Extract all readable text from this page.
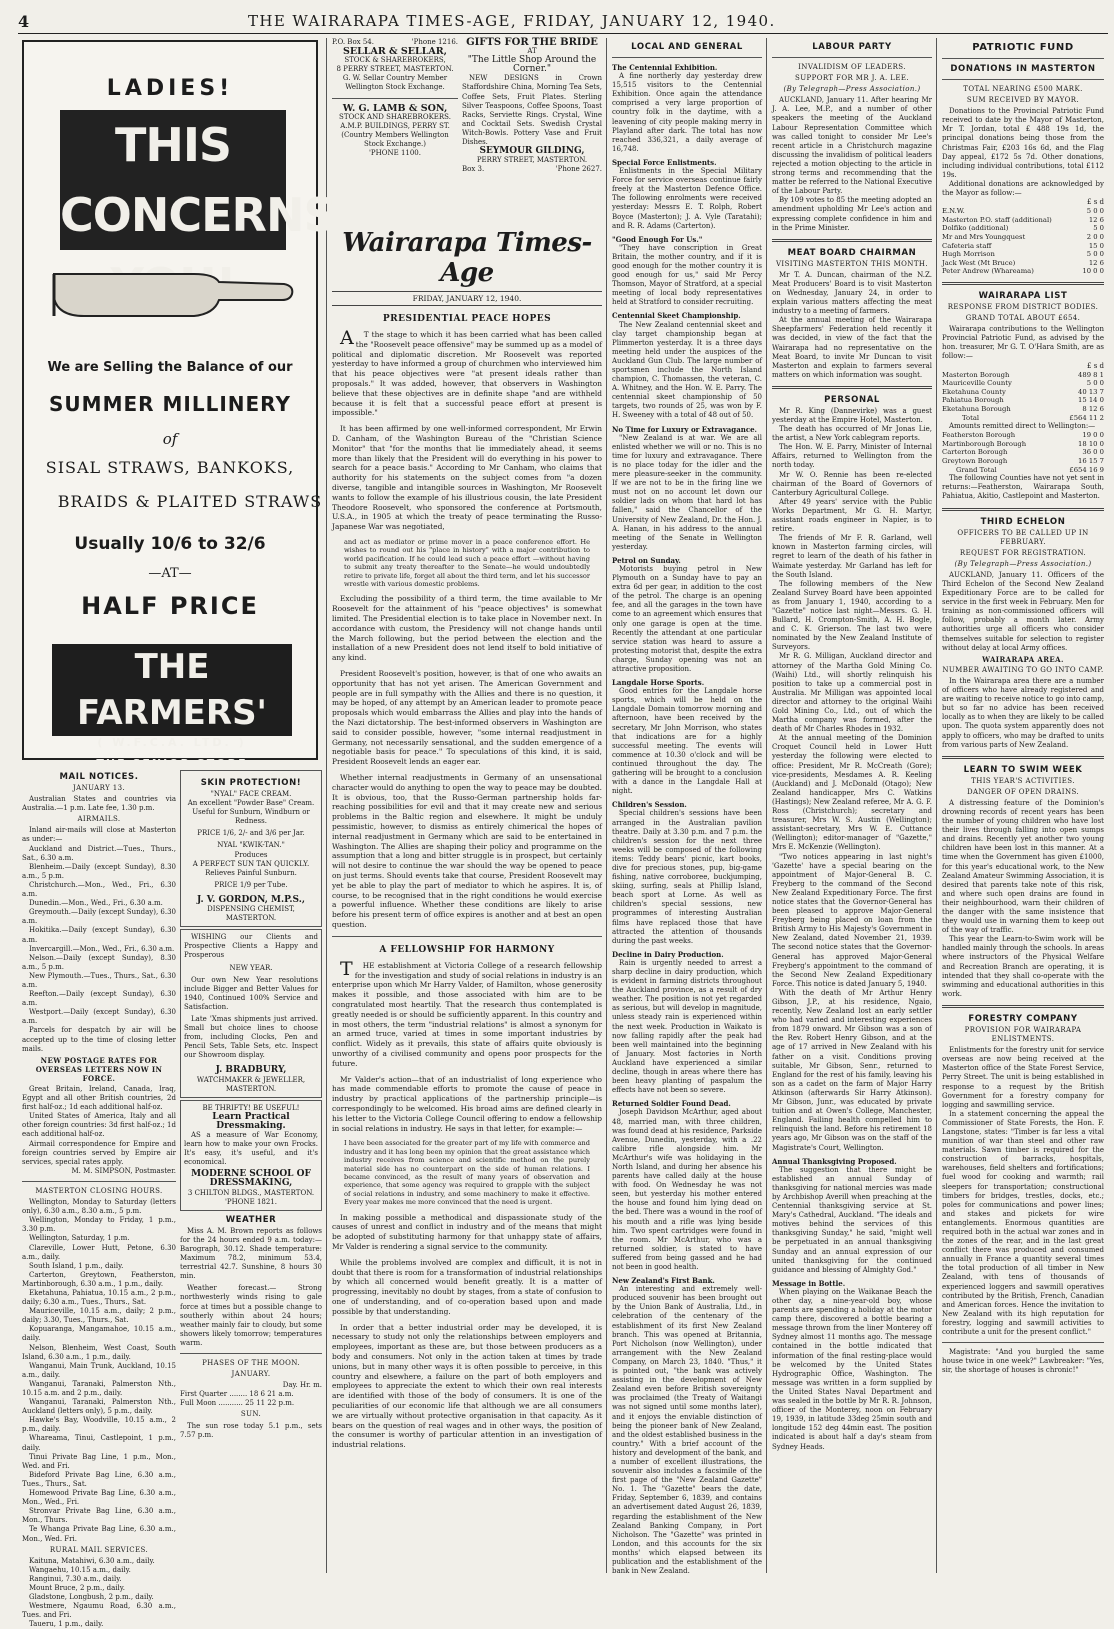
4	THE WAIRARAPA TIMES-AGE, FRIDAY, JANUARY 12, 1940.
LADIES!
THIS CONCERNS
We are Selling the Balance of our
SUMMER MILLINERY
of
SISAL STRAWS, BANKOKS,
BRAIDS & PLAITED STRAWS
Usually 10/6 to 32/6
—AT—
HALF PRICE
THE FARMERS'
( W.F.C.A. LTD. )
THE SENIOR STORE
MAIL NOTICES.
JANUARY 13.
Australian States and countries via Australia.—1 p.m. Late fee, 1.30 p.m.
AIRMAILS.
Inland air-mails will close at Masterton as under:—
Auckland and District.—Tues., Thurs., Sat., 6.30 a.m.
Blenheim.—Daily (except Sunday), 8.30 a.m., 5 p.m.
Christchurch.—Mon., Wed., Fri., 6.30 a.m.
Dunedin.—Mon., Wed., Fri., 6.30 a.m.
Greymouth.—Daily (except Sunday), 6.30 a.m.
Hokitika.—Daily (except Sunday), 6.30 a.m.
Invercargill.—Mon., Wed., Fri., 6.30 a.m.
Nelson.—Daily (except Sunday), 8.30 a.m., 5 p.m.
New Plymouth.—Tues., Thurs., Sat., 6.30 a.m.
Reefton.—Daily (except Sunday), 6.30 a.m.
Westport.—Daily (except Sunday), 6.30 a.m.
Parcels for despatch by air will be accepted up to the time of closing letter mails.
NEW POSTAGE RATES FOR OVERSEAS LETTERS NOW IN FORCE.
Great Britain, Ireland, Canada, Iraq, Egypt and all other British countries, 2d first half-oz.; 1d each additional half-oz.
United States of America, Italy and all other foreign countries: 3d first half-oz.; 1d each additional half-oz.
Airmail correspondence for Empire and foreign countries served by Empire air services, special rates apply.
M. M. SIMPSON, Postmaster.
MASTERTON CLOSING HOURS.
Wellington, Monday to Saturday (letters only), 6.30 a.m., 8.30 a.m., 5 p.m.
Wellington, Monday to Friday, 1 p.m., 3.30 p.m.
Wellington, Saturday, 1 p.m.
Clareville, Lower Hutt, Petone, 6.30 a.m., daily.
South Island, 1 p.m., daily.
Carterton, Greytown, Featherston, Martinborough, 6.30 a.m., 1 p.m., daily.
Eketahuna, Pahiatua, 10.15 a.m., 2 p.m., daily; 6.30 a.m., Tues., Thurs., Sat.
Mauriceville, 10.15 a.m., daily; 2 p.m., daily; 3.30, Tues., Thurs., Sat.
Kopuaranga, Mangamahoe, 10.15 a.m., daily.
Nelson, Blenheim, West Coast, South Island, 6.30 a.m., 1 p.m., daily.
Wanganui, Main Trunk, Auckland, 10.15 a.m., daily.
Wanganui, Taranaki, Palmerston Nth., 10.15 a.m. and 2 p.m., daily.
Wanganui, Taranaki, Palmerston Nth., Auckland (letters only), 5 p.m., daily.
Hawke's Bay, Woodville, 10.15 a.m., 2 p.m., daily.
Whareama, Tinui, Castlepoint, 1 p.m., daily.
Tinui Private Bag Line, 1 p.m., Mon., Wed. and Fri.
Bideford Private Bag Line, 6.30 a.m., Tues., Thurs., Sat.
Homewood Private Bag Line, 6.30 a.m., Mon., Wed., Fri.
Stronvar Private Bag Line, 6.30 a.m., Mon., Thurs.
Te Whanga Private Bag Line, 6.30 a.m., Mon., Wed. Fri.
RURAL MAIL SERVICES.
Kaituna, Matahiwi, 6.30 a.m., daily.
Wangaehu, 10.15 a.m., daily.
Ranginui, 7.30 a.m., daily.
Mount Bruce, 2 p.m., daily.
Gladstone, Longbush, 2 p.m., daily.
Westmere, Ngaumu Road, 6.30 a.m., Tues. and Fri.
Taueru, 1 p.m., daily.
SKIN PROTECTION!
"NYAL" FACE CREAM.
An excellent "Powder Base" Cream. Useful for Sunburn, Windburn or Redness.
PRICE 1/6, 2/- and 3/6 per Jar.
NYAL "KWIK-TAN."
Produces
A PERFECT SUN TAN QUICKLY.
Relieves Painful Sunburn.
PRICE 1/9 per Tube.
J. V. GORDON, M.P.S.,
DISPENSING CHEMIST,
MASTERTON.
WISHING our Clients and Prospective Clients a Happy and Prosperous
NEW YEAR.
Our own New Year resolutions include Bigger and Better Values for 1940, Continued 100% Service and Satisfaction.
Late 'Xmas shipments just arrived. Small but choice lines to choose from, including Clocks, Pen and Pencil Sets, Table Sets, etc. Inspect our Showroom display.
J. BRADBURY,
WATCHMAKER & JEWELLER,
MASTERTON.
BE THRIFTY! BE USEFUL!
Learn Practical Dressmaking.
AS a measure of War Economy, learn how to make your own Frocks. It's easy, it's useful, and it's economical.
MODERNE SCHOOL OF DRESSMAKING,
3 CHILTON BLDGS., MASTERTON. 'PHONE 1821.
WEATHER
Miss A. M. Brown reports as follows for the 24 hours ended 9 a.m. today:— Barograph, 30.12. Shade temperature: Maximum 78.2, minimum 53.4, terrestrial 42.7. Sunshine, 8 hours 30 min.
Weather forecast.— Strong northwesterly winds rising to gale force at times but a possible change to southerly within about 24 hours; weather mainly fair to cloudy, but some showers likely tomorrow; temperatures warm.
PHASES OF THE MOON.
JANUARY.
Day. Hr. m.
First Quarter ........ 18 6 21 a.m.
Full Moon ........... 25 11 22 p.m.
SUN.
The sun rose today 5.1 p.m., sets 7.57 p.m.
P.O. Box 54.	'Phone 1216.
SELLAR & SELLAR,
STOCK & SHAREBROKERS,
8 PERRY STREET, MASTERTON.
G. W. Sellar Country Member Wellington Stock Exchange.
W. G. LAMB & SON,
STOCK AND SHAREBROKERS.
A.M.P. BUILDINGS, PERRY ST.
(Country Members Wellington Stock Exchange.)
'PHONE 1100.
GIFTS FOR THE BRIDE
AT
"The Little Shop Around the Corner."
NEW DESIGNS in Crown Staffordshire China, Morning Tea Sets, Coffee Sets, Fruit Plates. Sterling Silver Teaspoons, Coffee Spoons, Toast Racks, Serviette Rings. Crystal, Wine and Cocktail Sets. Swedish Crystal Witch-Bowls. Pottery Vase and Fruit Dishes.
SEYMOUR GILDING,
PERRY STREET, MASTERTON.
Box 3.	'Phone 2627.
Wairarapa Times-Age
FRIDAY, JANUARY 12, 1940.
PRESIDENTIAL PEACE HOPES
AT the stage to which it has been carried what has been called the "Roosevelt peace offensive" may be summed up as a model of political and diplomatic discretion. Mr Roosevelt was reported yesterday to have informed a group of churchmen who interviewed him that his peace objectives were "at present ideals rather than proposals." It was added, however, that observers in Washington believe that these objectives are in definite shape "and are withheld because it is felt that a successful peace effort at present is impossible."
It has been affirmed by one well-informed correspondent, Mr Erwin D. Canham, of the Washington Bureau of the "Christian Science Monitor" that "for the months that lie immediately ahead, it seems more than likely that the President will do everything in his power to search for a peace basis." According to Mr Canham, who claims that authority for his statements on the subject comes from "a dozen diverse, tangible and intangible sources in Washington, Mr Roosevelt wants to follow the example of his illustrious cousin, the late President Theodore Roosevelt, who sponsored the conference at Portsmouth, U.S.A., in 1905 at which the treaty of peace terminating the Russo-Japanese War was negotiated,
and act as mediator or prime mover in a peace conference effort. He wishes to round out his "place in history" with a major contribution to world pacification. If he could lead such a peace effort —without having to submit any treaty thereafter to the Senate—he would undoubtedly retire to private life, forget all about the third term, and let his successor wrestle with various domestic problems.
Excluding the possibility of a third term, the time available to Mr Roosevelt for the attainment of his "peace objectives" is somewhat limited. The Presidential election is to take place in November next. In accordance with custom, the Presidency will not change hands until the March following, but the period between the election and the installation of a new President does not lend itself to bold initiative of any kind.
President Roosevelt's position, however, is that of one who awaits an opportunity that has not yet arisen. The American Government and people are in full sympathy with the Allies and there is no question, it may be hoped, of any attempt by an American leader to promote peace proposals which would embarrass the Allies and play into the hands of the Nazi dictatorship. The best-informed observers in Washington are said to consider possible, however, "some internal readjustment in Germany, not necessarily sensational, and the sudden emergence of a negotiable basis for peace." To speculations of this kind, it is said, President Roosevelt lends an eager ear.
Whether internal readjustments in Germany of an unsensational character would do anything to open the way to peace may be doubted. It is obvious, too, that the Russo-German partnership holds far-reaching possibilities for evil and that it may create new and serious problems in the Baltic region and elsewhere. It might be unduly pessimistic, however, to dismiss as entirely chimerical the hopes of internal readjustment in Germany which are said to be entertained in Washington. The Allies are shaping their policy and programme on the assumption that a long and bitter struggle is in prospect, but certainly will not desire to continue the war should the way be opened to peace on just terms. Should events take that course, President Roosevelt may yet be able to play the part of mediator to which he aspires. It is, of course, to be recognised that in the right conditions he would exercise a powerful influence. Whether these conditions are likely to arise before his present term of office expires is another and at best an open question.
A FELLOWSHIP FOR HARMONY
THE establishment at Victoria College of a research fellowship for the investigation and study of social relations in industry is an enterprise upon which Mr Harry Valder, of Hamilton, whose generosity makes it possible, and those associated with him are to be congratulated most heartily. That the research thus contemplated is greatly needed is or should be sufficiently apparent. In this country and in most others, the term "industrial relations" is almost a synonym for an armed truce, varied at times in some important industries by conflict. Widely as it prevails, this state of affairs quite obviously is unworthy of a civilised community and opens poor prospects for the future.
Mr Valder's action—that of an industrialist of long experience who has made commendable efforts to promote the cause of peace in industry by practical applications of the partnership principle—is correspondingly to be welcomed. His broad aims are defined clearly in his letter to the Victoria College Council offering to endow a fellowship in social relations in industry. He says in that letter, for example:—
I have been associated for the greater part of my life with commerce and industry and it has long been my opinion that the great assistance which industry receives from science and scientific method on the purely material side has no counterpart on the side of human relations. I became convinced, as the result of many years of observation and experience, that some agency was required to grapple with the subject of social relations in industry, and some machinery to make it effective. Every year makes me more convinced that the need is urgent.
In making possible a methodical and dispassionate study of the causes of unrest and conflict in industry and of the means that might be adopted of substituting harmony for that unhappy state of affairs, Mr Valder is rendering a signal service to the community.
While the problems involved are complex and difficult, it is not in doubt that there is room for a transformation of industrial relationships by which all concerned would benefit greatly. It is a matter of progressing, inevitably no doubt by stages, from a state of confusion to one of understanding, and of co-operation based upon and made possible by that understanding.
In order that a better industrial order may be developed, it is necessary to study not only the relationships between employers and employees, important as these are, but those between producers as a body and consumers. Not only in the action taken at times by trade unions, but in many other ways it is often possible to perceive, in this country and elsewhere, a failure on the part of both employers and employees to appreciate the extent to which their own real interests are identified with those of the body of consumers. It is one of the peculiarities of our economic life that although we are all consumers we are virtually without protective organisation in that capacity. As it bears on the question of real wages and in other ways, the position of the consumer is worthy of particular attention in an investigation of industrial relations.
LOCAL AND GENERAL
The Centennial Exhibition.
A fine northerly day yesterday drew 15,515 visitors to the Centennial Exhibition. Once again the attendance comprised a very large proportion of country folk in the daytime, with a leavening of city people making merry in Playland after dark. The total has now reached 336,321, a daily average of 16,748.
Special Force Enlistments.
Enlistments in the Special Military Force for service overseas continue fairly freely at the Masterton Defence Office. The following enrolments were received yesterday: Messrs E. T. Rolph, Robert Boyce (Masterton); J. A. Vyle (Taratahi); and R. R. Adams (Carterton).
"Good Enough For Us."
"They have conscription in Great Britain, the mother country, and if it is good enough for the mother country it is good enough for us," said Mr Percy Thomson, Mayor of Stratford, at a special meeting of local body representatives held at Stratford to consider recruiting.
Centennial Skeet Championship.
The New Zealand centennial skeet and clay target championship began at Plimmerton yesterday. It is a three days meeting held under the auspices of the Auckland Gun Club. The large number of sportsmen include the North Island champion, C. Thomassen, the veteran, C. A. Whitney, and the Hon. W. E. Parry. The centennial skeet championship of 50 targets, two rounds of 25, was won by F. H. Sweeney with a total of 48 out of 50.
No Time for Luxury or Extravagance.
"New Zealand is at war. We are all enlisted whether we will or no. This is no time for luxury and extravagance. There is no place today for the idler and the mere pleasure-seeker in the community. If we are not to be in the firing line we must not on no account let down our soldier lads on whom that hard lot has fallen," said the Chancellor of the University of New Zealand, Dr. the Hon. J. A. Hanan, in his address to the annual meeting of the Senate in Wellington yesterday.
Petrol on Sunday.
Motorists buying petrol in New Plymouth on a Sunday have to pay an extra 6d per gear, in addition to the cost of the petrol. The charge is an opening fee, and all the garages in the town have come to an agreement which ensures that only one garage is open at the time. Recently the attendant at one particular service station was heard to assure a protesting motorist that, despite the extra charge, Sunday opening was not an attractive proposition.
Langdale Horse Sports.
Good entries for the Langdale horse sports, which will be held on the Langdale Domain tomorrow morning and afternoon, have been received by the secretary, Mr John Morrison, who states that indications are for a highly successful meeting. The events will commence at 10.30 o'clock and will be continued throughout the day. The gathering will be brought to a conclusion with a dance in the Langdale Hall at night.
Children's Session.
Special children's sessions have been arranged in the Australian pavilion theatre. Daily at 3.30 p.m. and 7 p.m. the children's session for the next three weeks will be composed of the following items: Teddy bears' picnic, kart books, dive for precious stones, pup, big-game fishing, native corroboree, buckjumping, skiing, surfing, seals at Phillip Island, beach sport at Lorne. As well as children's special sessions, new programmes of interesting Australian films have replaced those that have attracted the attention of thousands during the past weeks.
Decline in Dairy Production.
Rain is urgently needed to arrest a sharp decline in dairy production, which is evident in farming districts throughout the Auckland province, as a result of dry weather. The position is not yet regarded as serious, but will develop in magnitude, unless steady rain is experienced within the next week. Production in Waikato is now falling rapidly after the peak had been well maintained into the beginning of January. Most factories in North Auckland have experienced a similar decline, though in areas where there has been heavy planting of paspalum the effects have not been so severe.
Returned Soldier Found Dead.
Joseph Davidson McArthur, aged about 48, married man, with three children, was found dead at his residence, Parkside Avenue, Dunedin, yesterday, with a .22 calibre rifle alongside him. Mr McArthur's wife was holidaying in the North Island, and during her absence his parents have called daily at the house with food. On Wednesday he was not seen, but yesterday his mother entered the house and found him lying dead on the bed. There was a wound in the roof of his mouth and a rifle was lying beside him. Two spent cartridges were found in the room. Mr McArthur, who was a returned soldier, is stated to have suffered from being gassed and he had not been in good health.
New Zealand's First Bank.
An interesting and extremely well-produced souvenir has been brought out by the Union Bank of Australia, Ltd., in celebration of the centenary of the establishment of its first New Zealand branch. This was opened at Britannia, Port Nicholson (now Wellington), under arrangement with the New Zealand Company, on March 23, 1840. "Thus," it is pointed out, "the bank was actively assisting in the development of New Zealand even before British sovereignty was proclaimed (the Treaty of Waitangi was not signed until some months later), and it enjoys the enviable distinction of being the pioneer bank of New Zealand, and the oldest established business in the country." With a brief account of the history and development of the bank, and a number of excellent illustrations, the souvenir also includes a facsimile of the first page of the "New Zealand Gazette" No. 1. The "Gazette" bears the date, Friday, September 6, 1839, and contains an advertisement dated August 26, 1839, regarding the establishment of the New Zealand Banking Company, in Port Nicholson. The "Gazette" was printed in London, and this accounts for the six months' which elapsed between its publication and the establishment of the bank in New Zealand.
LABOUR PARTY
INVALIDISM OF LEADERS.
SUPPORT FOR MR J. A. LEE.
(By Telegraph—Press Association.)
AUCKLAND, January 11. After hearing Mr J. A. Lee, M.P., and a number of other speakers the meeting of the Auckland Labour Representation Committee which was called tonight to consider Mr Lee's recent article in a Christchurch magazine discussing the invalidism of political leaders rejected a motion objecting to the article in strong terms and recommending that the matter be referred to the National Executive of the Labour Party.
By 109 votes to 85 the meeting adopted an amendment upholding Mr Lee's action and expressing complete confidence in him and in the Prime Minister.
MEAT BOARD CHAIRMAN
VISITING MASTERTON THIS MONTH.
Mr T. A. Duncan, chairman of the N.Z. Meat Producers' Board is to visit Masterton on Wednesday, January 24, in order to explain various matters affecting the meat industry to a meeting of farmers.
At the annual meeting of the Wairarapa Sheepfarmers' Federation held recently it was decided, in view of the fact that the Wairarapa had no representative on the Meat Board, to invite Mr Duncan to visit Masterton and explain to farmers several matters on which information was sought.
PERSONAL
Mr R. King (Dannevirke) was a guest yesterday at the Empire Hotel, Masterton.
The death has occurred of Mr Jonas Lie, the artist, a New York cablegram reports.
The Hon. W. E. Parry, Minister of Internal Affairs, returned to Wellington from the north today.
Mr W. O. Rennie has been re-elected chairman of the Board of Governors of Canterbury Agricultural College.
After 49 years' service with the Public Works Department, Mr G. H. Martyr, assistant roads engineer in Napier, is to retire.
The friends of Mr F. R. Garland, well known in Masterton farming circles, will regret to learn of the death of his father in Waimate yesterday. Mr Garland has left for the South Island.
The following members of the New Zealand Survey Board have been appointed as from January 1, 1940, according to a "Gazette" notice last night—Messrs. G. H. Bullard, H. Crompton-Smith, A. H. Bogle, and C. K. Grierson. The last two were nominated by the New Zealand Institute of Surveyors.
Mr R. G. Milligan, Auckland director and attorney of the Martha Gold Mining Co. (Waihi) Ltd., will shortly relinquish his position to take up a commercial post in Australia. Mr Milligan was appointed local director and attorney to the original Waihi Gold Mining Co., Ltd., out of which the Martha company was formed, after the death of Mr Charles Rhodes in 1932.
At the annual meeting of the Dominion Croquet Council held in Lower Hutt yesterday the following were elected to office: President, Mr R. McCreath (Gore); vice-presidents, Mesdames A. R. Keeling (Auckland) and J. McDonald (Otago); New Zealand handicapper, Mrs C. Watkins (Hastings); New Zealand referee, Mr A. G. F. Ross (Christchurch); secretary and treasurer, Mrs W. S. Austin (Wellington); assistant-secretary, Mrs W. E. Cuttance (Wellington); editor-manager of "Gazette," Mrs E. McKenzie (Wellington).
"Two notices appearing in last night's 'Gazette' have a special bearing on the appointment of Major-General B. C. Freyberg to the command of the Second New Zealand Expeditionary Force. The first notice states that the Governor-General has been pleased to approve Major-General Freyberg being placed on loan from the British Army to His Majesty's Government in New Zealand, dated November 21, 1939. The second notice states that the Governor-General has approved Major-General Freyberg's appointment to the command of the Second New Zealand Expeditionary Force. This notice is dated January 5, 1940.
With the death of Mr Arthur Henry Gibson, J.P., at his residence, Ngaio, recently, New Zealand lost an early settler who had varied and interesting experiences from 1879 onward. Mr Gibson was a son of the Rev. Robert Henry Gibson, and at the age of 17 arrived in New Zealand with his father on a visit. Conditions proving suitable, Mr Gibson, Senr., returned to England for the rest of his family, leaving his son as a cadet on the farm of Major Harry Atkinson (afterwards Sir Harry Atkinson). Mr Gibson, Junr., was educated by private tuition and at Owen's College, Manchester, England. Failing health compelled him to relinquish the land. Before his retirement 18 years ago, Mr Gibson was on the staff of the Magistrate's Court, Wellington.
Annual Thanksgiving Proposed.
The suggestion that there might be established an annual Sunday of thanksgiving for national mercies was made by Archbishop Averill when preaching at the Centennial thanksgiving service at St. Mary's Cathedral, Auckland. "The ideals and motives behind the services of this thanksgiving Sunday," he said, "might well be perpetuated in an annual thanksgiving Sunday and an annual expression of our united thanksgiving for the continued guidance and blessing of Almighty God."
Message in Bottle.
When playing on the Waikanae Beach the other day, a nine-year-old boy, whose parents are spending a holiday at the motor camp there, discovered a bottle bearing a message thrown from the liner Monterey off Sydney almost 11 months ago. The message contained in the bottle indicated that information of the final resting-place would be welcomed by the United States Hydrographic Office, Washington. The message was written in a form supplied by the United States Naval Department and was sealed in the bottle by Mr R. R. Johnson, officer of the Monterey, noon on February 19, 1939, in latitude 33deg 25min south and longitude 152 deg 44min east. The position indicated is about half a day's steam from Sydney Heads.
PATRIOTIC FUND
DONATIONS IN MASTERTON
TOTAL NEARING £500 MARK.
SUM RECEIVED BY MAYOR.
Donations to the Provincial Patriotic Fund received to date by the Mayor of Masterton, Mr T. Jordan, total £ 488 19s 1d, the principal donations being those from the Christmas Fair, £203 16s 6d, and the Flag Day appeal, £172 5s 7d. Other donations, including individual contributions, total £112 19s.
Additional donations are acknowledged by the Mayor as follow:—
£ s d
E.N.W.	5 0 0
Masterton P.O. staff (additional)	12 6
Dolfiko (additional)	5 0
Mr and Mrs Youngquest	2 0 0
Cafeteria staff	15 0
Hugh Morrison	5 0 0
Jack West (Mt Bruce)	12 6
Peter Andrew (Whareama)	10 0 0
WAIRARAPA LIST
RESPONSE FROM DISTRICT BODIES.
GRAND TOTAL ABOUT £654.
Wairarapa contributions to the Wellington Provincial Patriotic Fund, as advised by the hon. treasurer, Mr G. T. O'Hara Smith, are as follow:—
£ s d
Masterton Borough	489 8 1
Mauriceville County	5 0 0
Eketahuna County	40 13 7
Pahiatua Borough	15 14 0
Eketahuna Borough	8 12 6
Total	£564 11 2
Amounts remitted direct to Wellington:—
Featherston Borough	19 0 0
Martinborough Borough	18 10 0
Carterton Borough	36 0 0
Greytown Borough	16 15 7
Grand Total	£654 16 9
The following Counties have not yet sent in returns:—Featherston, Wairarapa South, Pahiatua, Akitio, Castlepoint and Masterton.
THIRD ECHELON
OFFICERS TO BE CALLED UP IN FEBRUARY.
REQUEST FOR REGISTRATION.
(By Telegraph—Press Association.)
AUCKLAND, January 11. Officers of the Third Echelon of the Second New Zealand Expeditionary Force are to be called for service in the first week in February. Men for training as non-commissioned officers will follow, probably a month later. Army authorities urge all officers who consider themselves suitable for selection to register without delay at local Army offices.
WAIRARAPA AREA.
NUMBER AWAITING TO GO INTO CAMP.
In the Wairarapa area there are a number of officers who have already registered and are waiting to receive notice to go into camp, but so far no advice has been received locally as to when they are likely to be called upon. The quota system apparently does not apply to officers, who may be drafted to units from various parts of New Zealand.
LEARN TO SWIM WEEK
THIS YEAR'S ACTIVITIES.
DANGER OF OPEN DRAINS.
A distressing feature of the Dominion's drowning records of recent years has been the number of young children who have lost their lives through falling into open sumps and drains. Recently yet another two young children have been lost in this manner. At a time when the Government has given £1000, for this year's educational work, to the New Zealand Amateur Swimming Association, it is desired that parents take note of this risk, and where such open drains are found in their neighbourhood, warn their children of the danger with the same insistence that they would use in warning them to keep out of the way of traffic.
This year the Learn-to-Swim work will be handled mainly through the schools. In areas where instructors of the Physical Welfare and Recreation Branch are operating, it is intended that they shall co-operate with the swimming and educational authorities in this work.
FORESTRY COMPANY
PROVISION FOR WAIRARAPA ENLISTMENTS.
Enlistments for the forestry unit for service overseas are now being received at the Masterton office of the State Forest Service, Perry Street. The unit is being established in response to a request by the British Government for a forestry company for logging and sawmilling service.
In a statement concerning the appeal the Commissioner of State Forests, the Hon. F. Langstone, states: "Timber is far less a vital munition of war than steel and other raw materials. Sawn timber is required for the construction of barracks, hospitals, warehouses, field shelters and fortifications; fuel wood for cooking and warmth; rail sleepers for transportation; constructional timbers for bridges, trestles, docks, etc.; poles for communications and power lines; and stakes and pickets for wire entanglements. Enormous quantities are required both in the actual war zones and in the zones of the rear, and in the last great conflict there was produced and consumed annually in France a quantity several times the total production of all timber in New Zealand, with tens of thousands of experienced loggers and sawmill operatives contributed by the British, French, Canadian and American forces. Hence the invitation to New Zealand with its high reputation for forestry, logging and sawmill activities to contribute a unit for the present conflict."
Magistrate: "And you burgled the same house twice in one week?" Lawbreaker: "Yes, sir, the shortage of houses is chronic!"
